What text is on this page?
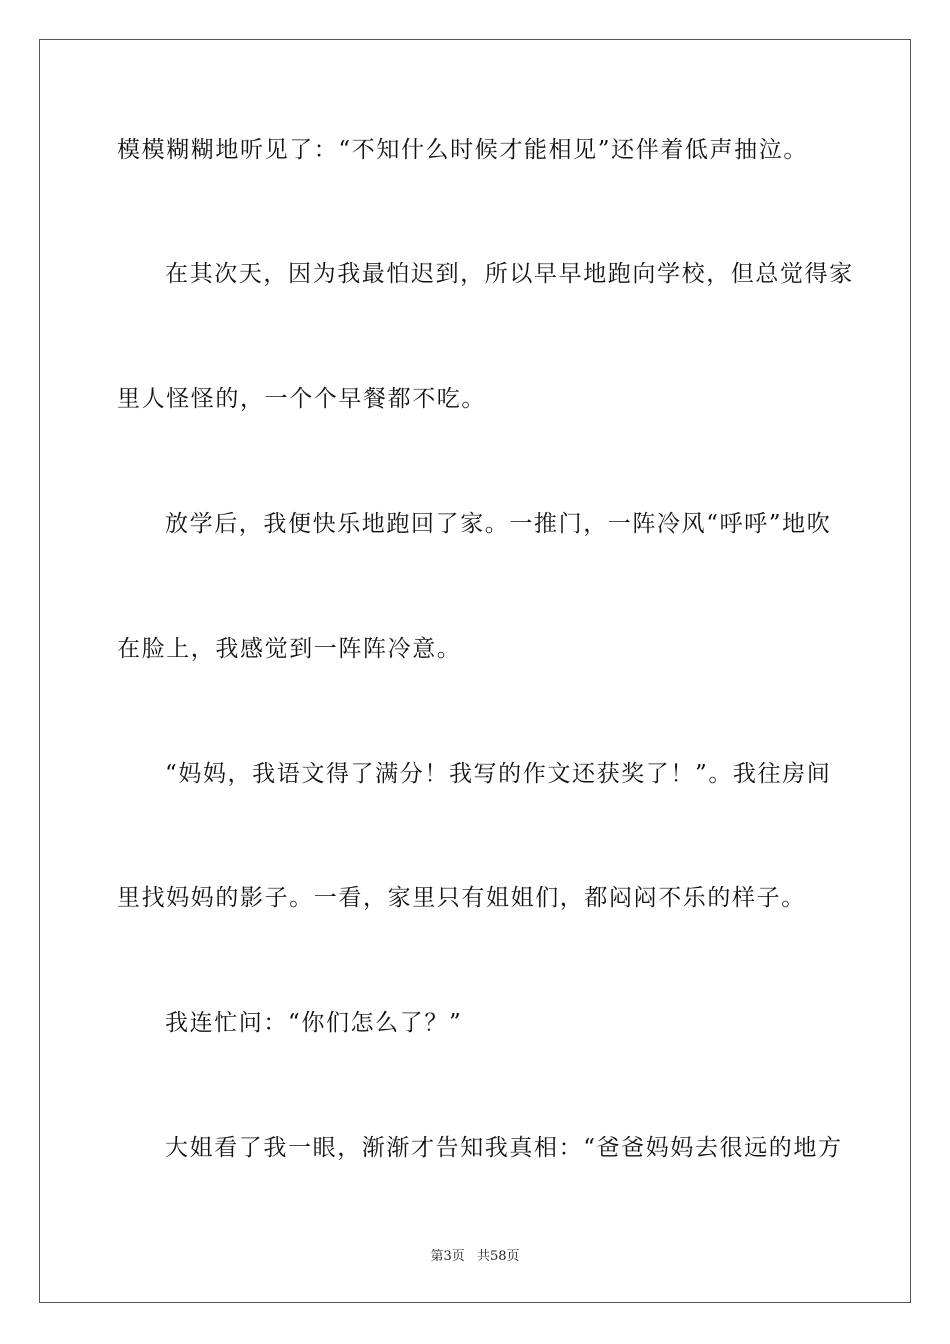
模模糊糊地听见了：“不知什么时候才能相见”还伴着低声抽泣。
在其次天，因为我最怕迟到，所以早早地跑向学校，但总觉得家
里人怪怪的，一个个早餐都不吃。
放学后，我便快乐地跑回了家。一推门，一阵冷风“呼呼”地吹
在脸上，我感觉到一阵阵冷意。
“妈妈，我语文得了满分！我写的作文还获奖了！”。我往房间
里找妈妈的影子。一看，家里只有姐姐们，都闷闷不乐的样子。
我连忙问：“你们怎么了？”
大姐看了我一眼，渐渐才告知我真相：“爸爸妈妈去很远的地方
第3页 共58页
